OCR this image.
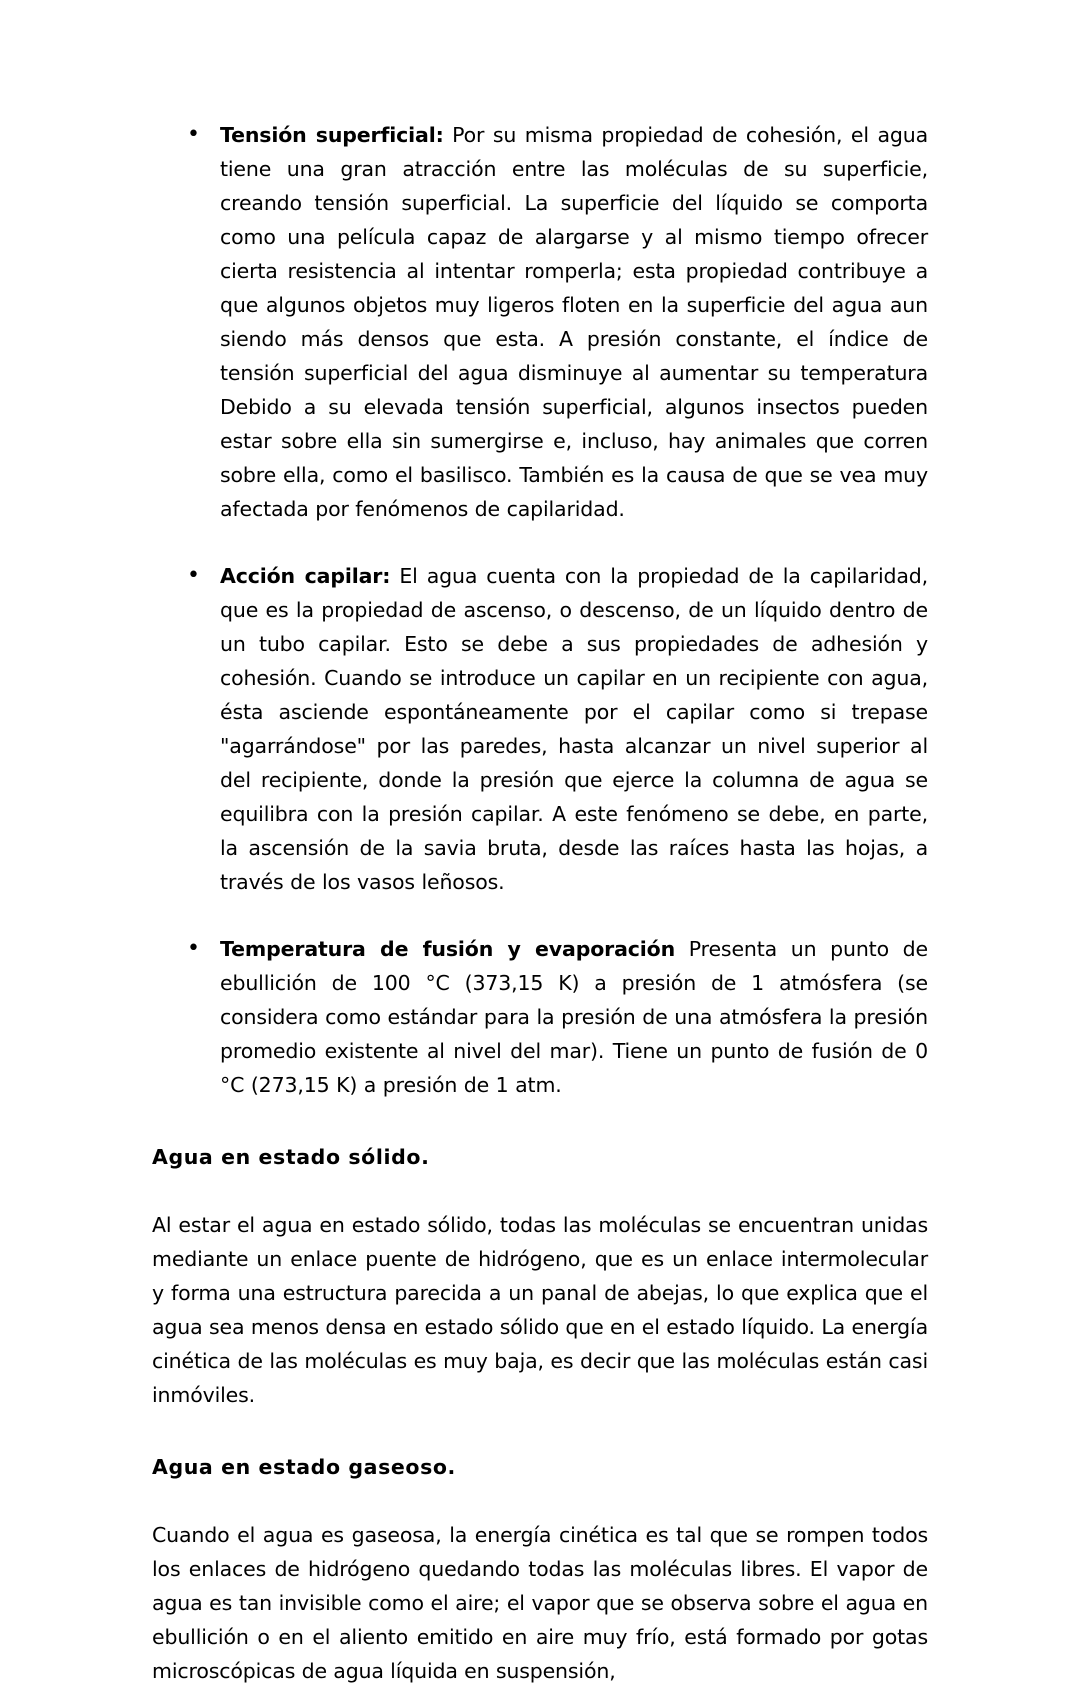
• Tensión superficial: Por su misma propiedad de cohesión, el agua tiene una gran atracción entre las moléculas de su superficie, creando tensión superficial. La superficie del líquido se comporta como una película capaz de alargarse y al mismo tiempo ofrecer cierta resistencia al intentar romperla; esta propiedad contribuye a que algunos objetos muy ligeros floten en la superficie del agua aun siendo más densos que esta. A presión constante, el índice de tensión superficial del agua disminuye al aumentar su temperatura Debido a su elevada tensión superficial, algunos insectos pueden estar sobre ella sin sumergirse e, incluso, hay animales que corren sobre ella, como el basilisco. También es la causa de que se vea muy afectada por fenómenos de capilaridad.
• Acción capilar: El agua cuenta con la propiedad de la capilaridad, que es la propiedad de ascenso, o descenso, de un líquido dentro de un tubo capilar. Esto se debe a sus propiedades de adhesión y cohesión. Cuando se introduce un capilar en un recipiente con agua, ésta asciende espontáneamente por el capilar como si trepase "agarrándose" por las paredes, hasta alcanzar un nivel superior al del recipiente, donde la presión que ejerce la columna de agua se equilibra con la presión capilar. A este fenómeno se debe, en parte, la ascensión de la savia bruta, desde las raíces hasta las hojas, a través de los vasos leñosos.
• Temperatura de fusión y evaporación Presenta un punto de ebullición de 100 °C (373,15 K) a presión de 1 atmósfera (se considera como estándar para la presión de una atmósfera la presión promedio existente al nivel del mar). Tiene un punto de fusión de 0 °C (273,15 K) a presión de 1 atm.
Agua en estado sólido.

Al estar el agua en estado sólido, todas las moléculas se encuentran unidas mediante un enlace puente de hidrógeno, que es un enlace intermolecular y forma una estructura parecida a un panal de abejas, lo que explica que el agua sea menos densa en estado sólido que en el estado líquido. La energía cinética de las moléculas es muy baja, es decir que las moléculas están casi inmóviles.

Agua en estado gaseoso.

Cuando el agua es gaseosa, la energía cinética es tal que se rompen todos los enlaces de hidrógeno quedando todas las moléculas libres. El vapor de agua es tan invisible como el aire; el vapor que se observa sobre el agua en ebullición o en el aliento emitido en aire muy frío, está formado por gotas microscópicas de agua líquida en suspensión,
